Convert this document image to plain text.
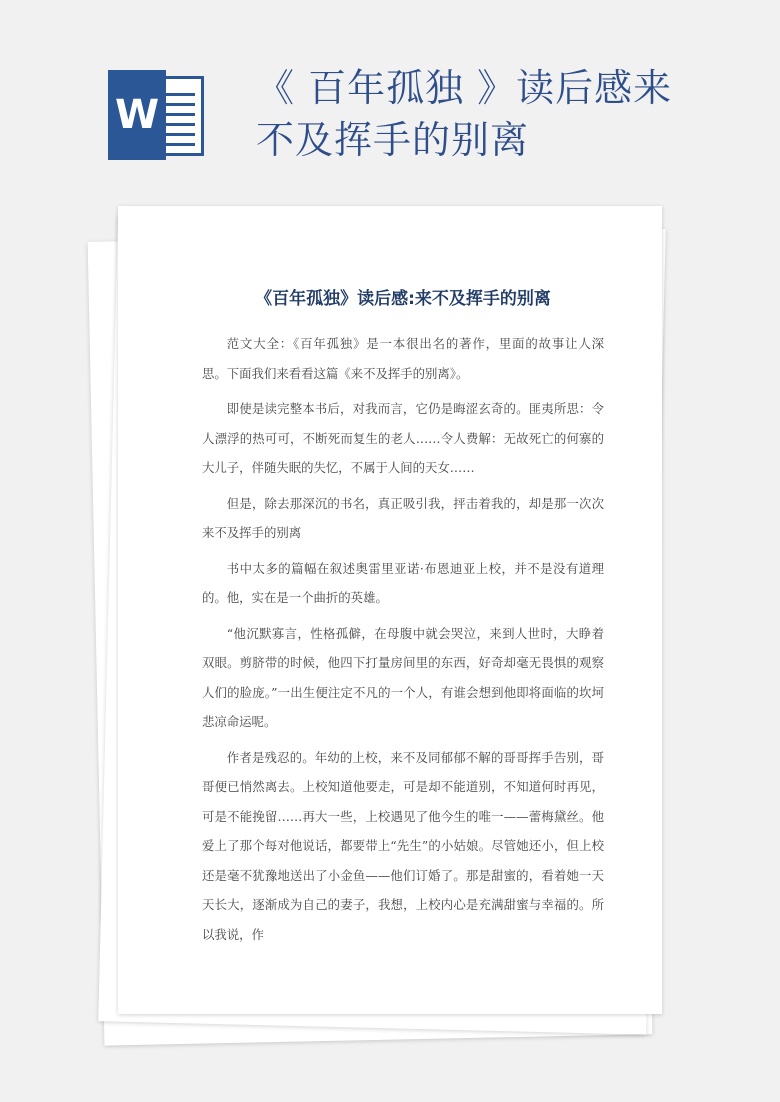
W
《 百年孤独 》读后感来不及挥手的别离
《百年孤独》读后感:来不及挥手的别离

范文大全：《百年孤独》是一本很出名的著作，里面的故事让人深思。下面我们来看看这篇《来不及挥手的别离》。

即使是读完整本书后，对我而言，它仍是晦涩玄奇的。匪夷所思：令人漂浮的热可可，不断死而复生的老人……令人费解：无故死亡的何寨的大儿子，伴随失眠的失忆，不属于人间的天女……

但是，除去那深沉的书名，真正吸引我，抨击着我的，却是那一次次来不及挥手的别离

书中太多的篇幅在叙述奥雷里亚诺·布恩迪亚上校，并不是没有道理的。他，实在是一个曲折的英雄。

“他沉默寡言，性格孤僻，在母腹中就会哭泣，来到人世时，大睁着双眼。剪脐带的时候，他四下打量房间里的东西，好奇却毫无畏惧的观察人们的脸庞。”一出生便注定不凡的一个人，有谁会想到他即将面临的坎坷悲凉命运呢。

作者是残忍的。年幼的上校，来不及同郁郁不解的哥哥挥手告别，哥哥便已悄然离去。上校知道他要走，可是却不能道别，不知道何时再见，可是不能挽留……再大一些，上校遇见了他今生的唯一——蕾梅黛丝。他爱上了那个每对他说话，都要带上“先生”的小姑娘。尽管她还小，但上校还是毫不犹豫地送出了小金鱼——他们订婚了。那是甜蜜的，看着她一天天长大，逐渐成为自己的妻子，我想，上校内心是充满甜蜜与幸福的。所以我说，作
